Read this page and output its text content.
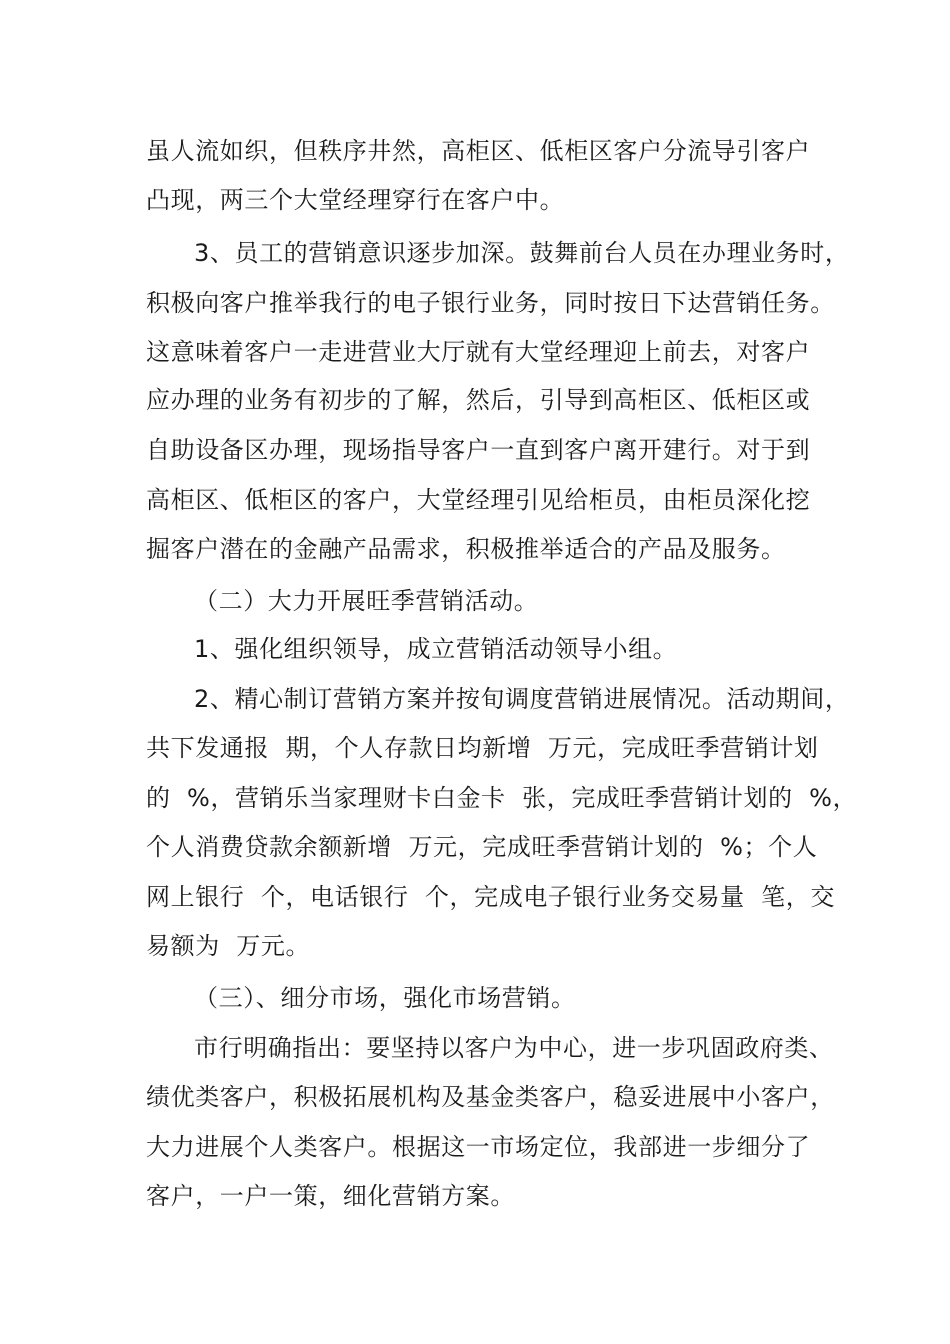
虽人流如织，但秩序井然，高柜区、低柜区客户分流导引客户
凸现，两三个大堂经理穿行在客户中。
3、员工的营销意识逐步加深。鼓舞前台人员在办理业务时，
积极向客户推举我行的电子银行业务，同时按日下达营销任务。
这意味着客户一走进营业大厅就有大堂经理迎上前去，对客户
应办理的业务有初步的了解，然后，引导到高柜区、低柜区或
自助设备区办理，现场指导客户一直到客户离开建行。对于到
高柜区、低柜区的客户，大堂经理引见给柜员，由柜员深化挖
掘客户潜在的金融产品需求，积极推举适合的产品及服务。
（二）大力开展旺季营销活动。
1、强化组织领导，成立营销活动领导小组。
2、精心制订营销方案并按旬调度营销进展情况。活动期间，
共下发通报  期，个人存款日均新增  万元，完成旺季营销计划
的  %，营销乐当家理财卡白金卡  张，完成旺季营销计划的  %，
个人消费贷款余额新增  万元，完成旺季营销计划的  %；个人
网上银行  个，电话银行  个，完成电子银行业务交易量  笔，交
易额为  万元。
（三）、细分市场，强化市场营销。
市行明确指出：要坚持以客户为中心，进一步巩固政府类、
绩优类客户，积极拓展机构及基金类客户，稳妥进展中小客户，
大力进展个人类客户。根据这一市场定位，我部进一步细分了
客户，一户一策，细化营销方案。
